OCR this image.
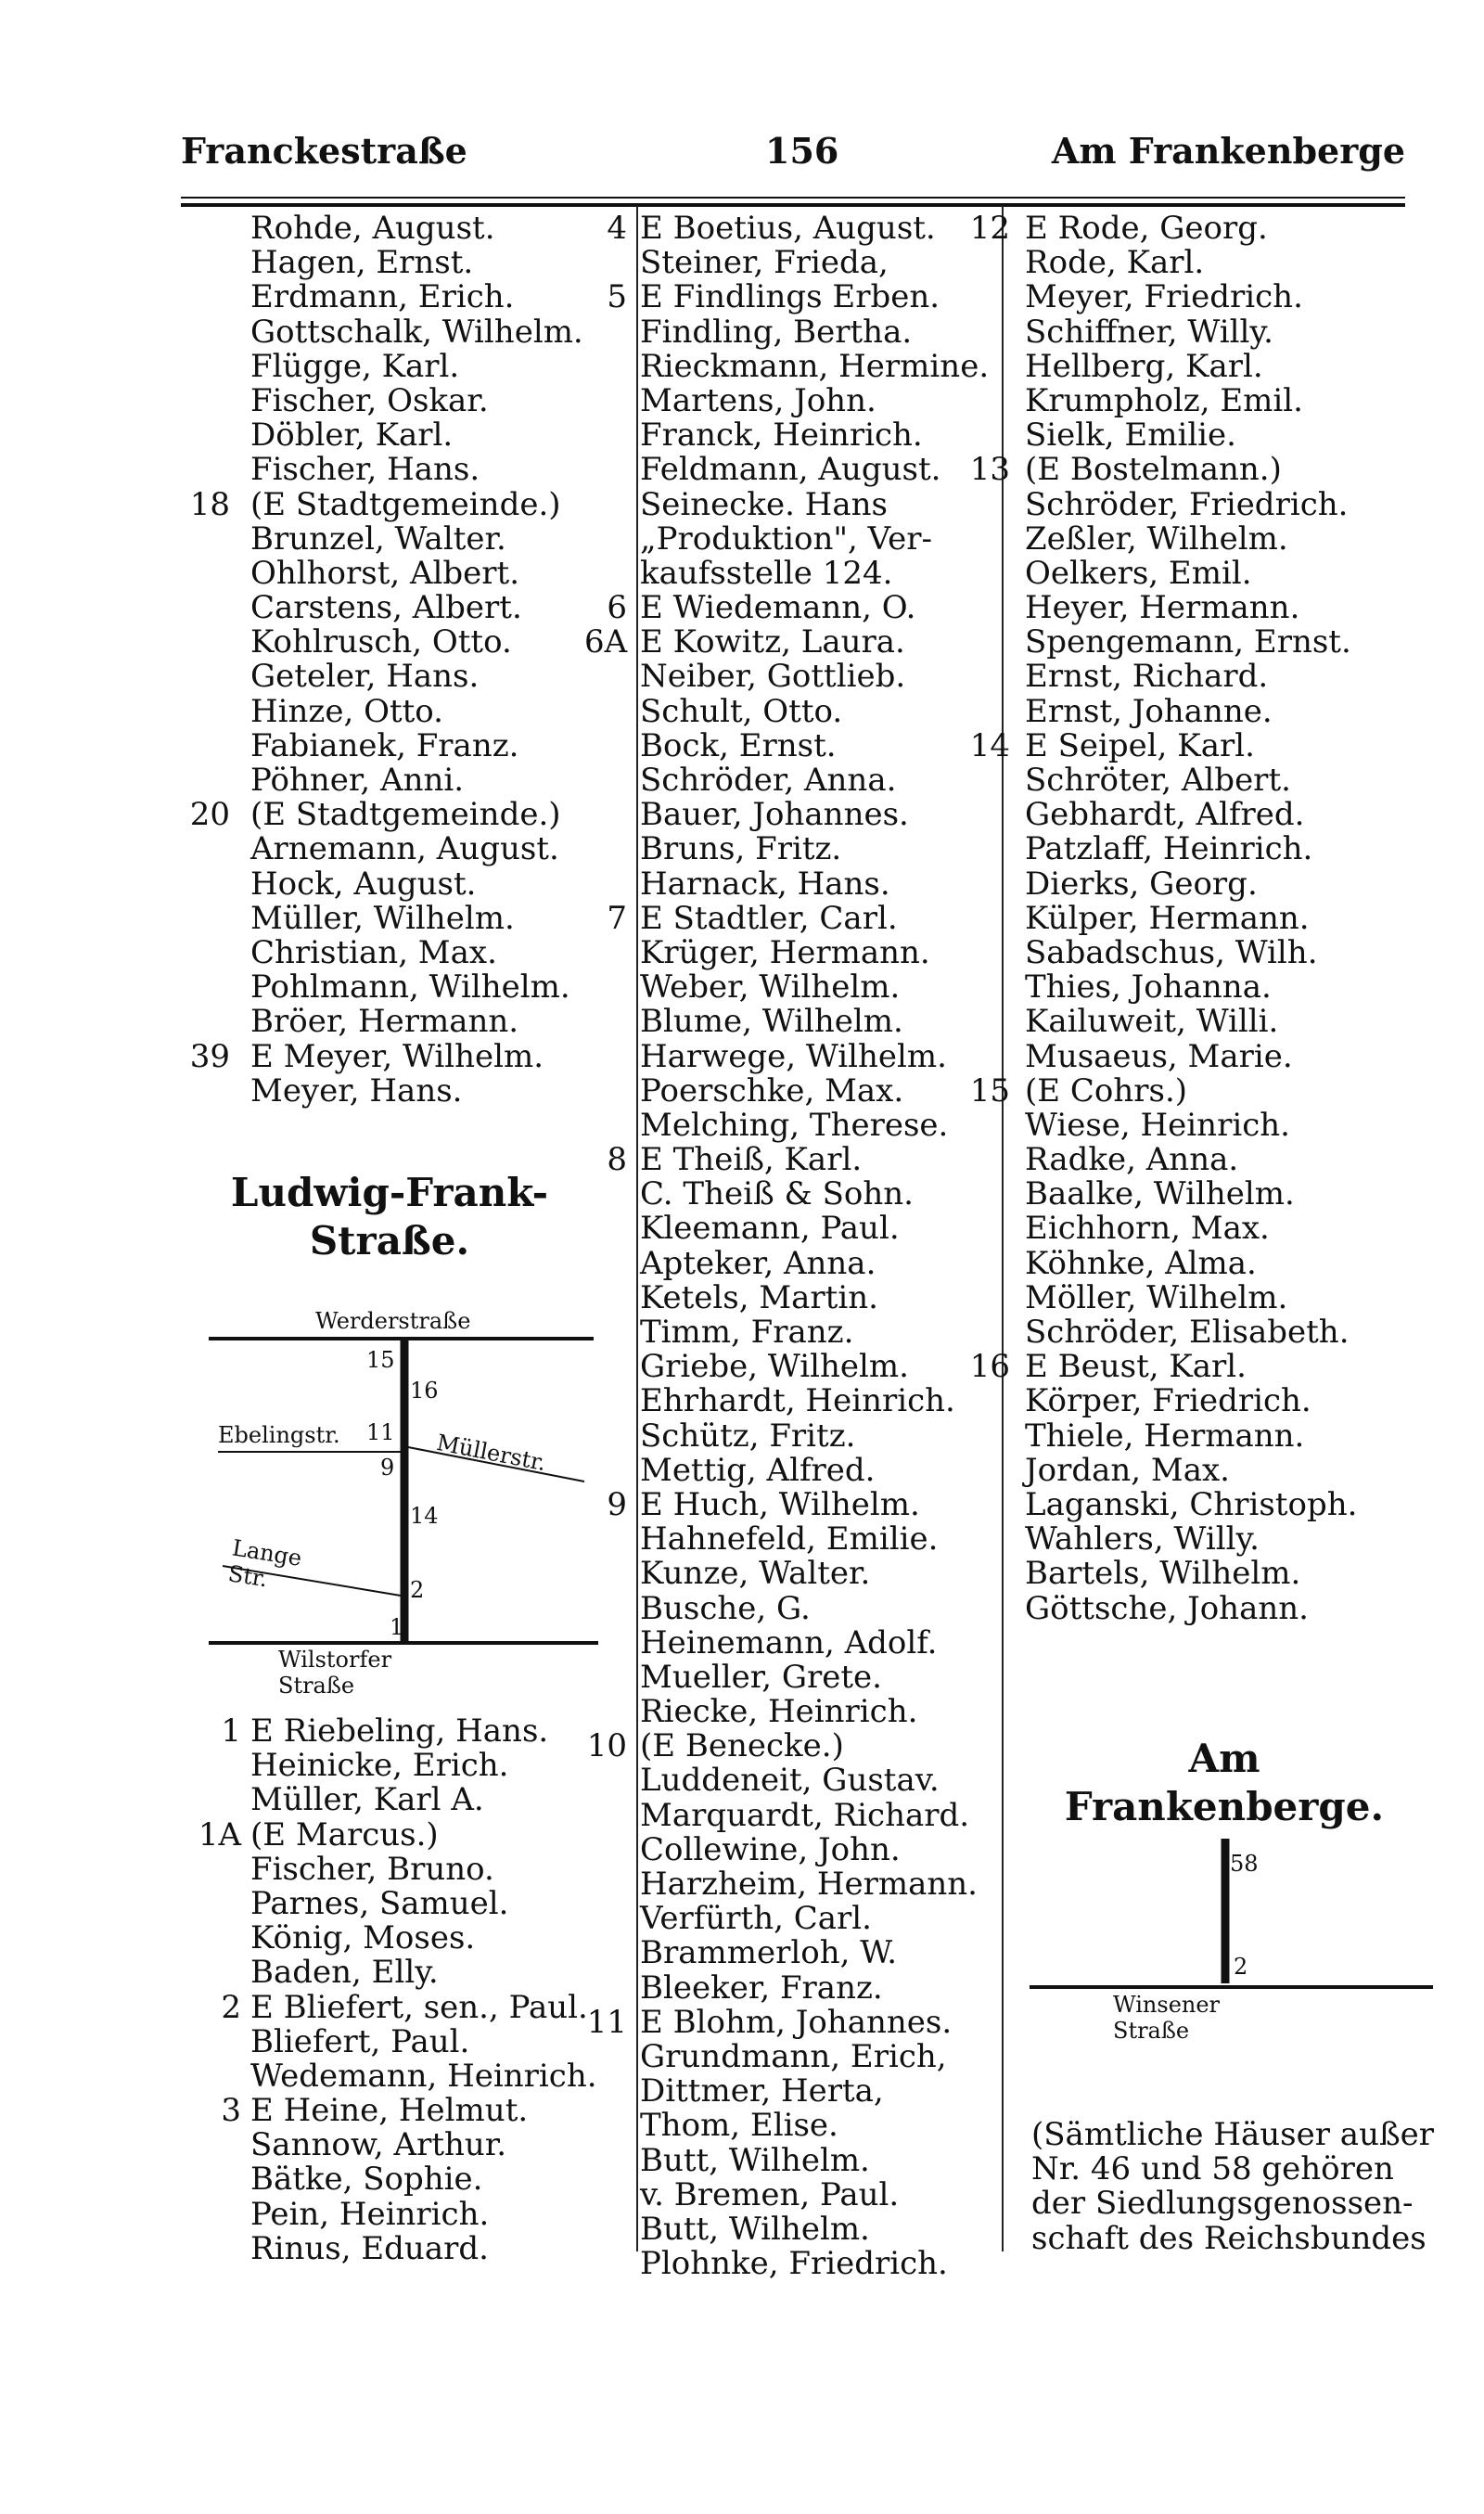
Franckestraße	156	Am Frankenberge
Rohde, August.
Hagen, Ernst.
Erdmann, Erich.
Gottschalk, Wilhelm.
Flügge, Karl.
Fischer, Oskar.
Döbler, Karl.
Fischer, Hans.
18 (E Stadtgemeinde.)
Brunzel, Walter.
Ohlhorst, Albert.
Carstens, Albert.
Kohlrusch, Otto.
Geteler, Hans.
Hinze, Otto.
Fabianek, Franz.
Pöhner, Anni.
20 (E Stadtgemeinde.)
Arnemann, August.
Hock, August.
Müller, Wilhelm.
Christian, Max.
Pohlmann, Wilhelm.
Bröer, Hermann.
39 E Meyer, Wilhelm.
Meyer, Hans.
Ludwig-Frank-
Straße.
Werderstraße
Wilstorfer Straße
Ebelingstr.	Müllerstr.
Lange Str.
15
16
11
9
14
2
1
1 E Riebeling, Hans.
Heinicke, Erich.
Müller, Karl A.
1A (E Marcus.)
Fischer, Bruno.
Parnes, Samuel.
König, Moses.
Baden, Elly.
2 E Bliefert, sen., Paul.
Bliefert, Paul.
Wedemann, Heinrich.
3 E Heine, Helmut.
Sannow, Arthur.
Bätke, Sophie.
Pein, Heinrich.
Rinus, Eduard.
4 E Boetius, August.
Steiner, Frieda,
5 E Findlings Erben.
Findling, Bertha.
Rieckmann, Hermine.
Martens, John.
Franck, Heinrich.
Feldmann, August.
Seinecke. Hans
„Produktion", Ver-
kaufsstelle 124.
6 E Wiedemann, O.
6A E Kowitz, Laura.
Neiber, Gottlieb.
Schult, Otto.
Bock, Ernst.
Schröder, Anna.
Bauer, Johannes.
Bruns, Fritz.
Harnack, Hans.
7 E Stadtler, Carl.
Krüger, Hermann.
Weber, Wilhelm.
Blume, Wilhelm.
Harwege, Wilhelm.
Poerschke, Max.
Melching, Therese.
8 E Theiß, Karl.
C. Theiß & Sohn.
Kleemann, Paul.
Apteker, Anna.
Ketels, Martin.
Timm, Franz.
Griebe, Wilhelm.
Ehrhardt, Heinrich.
Schütz, Fritz.
Mettig, Alfred.
9 E Huch, Wilhelm.
Hahnefeld, Emilie.
Kunze, Walter.
Busche, G.
Heinemann, Adolf.
Mueller, Grete.
Riecke, Heinrich.
10 (E Benecke.)
Luddeneit, Gustav.
Marquardt, Richard.
Collewine, John.
Harzheim, Hermann.
Verfürth, Carl.
Brammerloh, W.
Bleeker, Franz.
11 E Blohm, Johannes.
Grundmann, Erich,
Dittmer, Herta,
Thom, Elise.
Butt, Wilhelm.
v. Bremen, Paul.
Butt, Wilhelm.
Plohnke, Friedrich.
12 E Rode, Georg.
Rode, Karl.
Meyer, Friedrich.
Schiffner, Willy.
Hellberg, Karl.
Krumpholz, Emil.
Sielk, Emilie.
13 (E Bostelmann.)
Schröder, Friedrich.
Zeßler, Wilhelm.
Oelkers, Emil.
Heyer, Hermann.
Spengemann, Ernst.
Ernst, Richard.
Ernst, Johanne.
14 E Seipel, Karl.
Schröter, Albert.
Gebhardt, Alfred.
Patzlaff, Heinrich.
Dierks, Georg.
Külper, Hermann.
Sabadschus, Wilh.
Thies, Johanna.
Kailuweit, Willi.
Musaeus, Marie.
15 (E Cohrs.)
Wiese, Heinrich.
Radke, Anna.
Baalke, Wilhelm.
Eichhorn, Max.
Köhnke, Alma.
Möller, Wilhelm.
Schröder, Elisabeth.
16 E Beust, Karl.
Körper, Friedrich.
Thiele, Hermann.
Jordan, Max.
Laganski, Christoph.
Wahlers, Willy.
Bartels, Wilhelm.
Göttsche, Johann.
Am Frankenberge.
58
2
Winsener Straße
(Sämtliche Häuser außer
Nr. 46 und 58 gehören
der Siedlungsgenossen-
schaft des Reichsbundes
